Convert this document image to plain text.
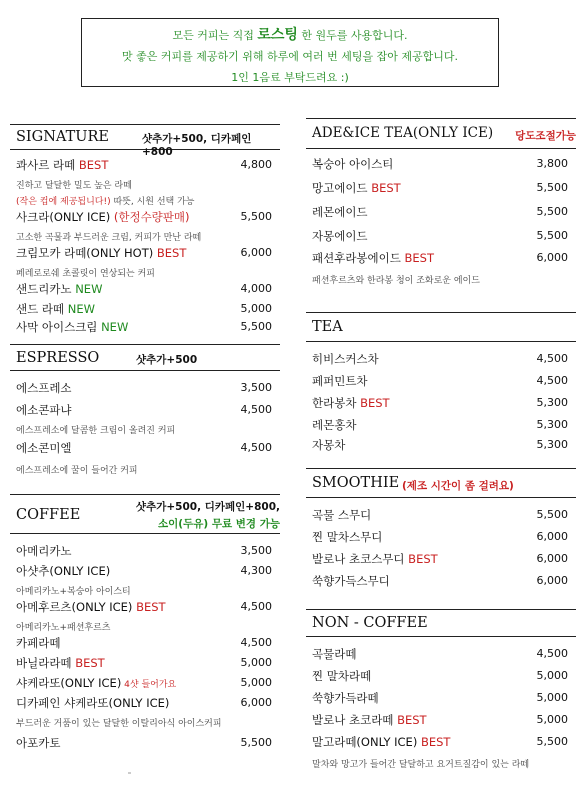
모든 커피는 직접 로스팅 한 원두를 사용합니다.
맛 좋은 커피를 제공하기 위해 하루에 여러 번 세팅을 잡아 제공합니다.
1인 1음료 부탁드려요 :)
SIGNATURE	샷추가+500, 디카페인+800
콰사르 라떼 BEST	4,800
진하고 달달한 밀도 높은 라떼
(작은 컵에 제공됩니다!) 따뜻, 시원 선택 가능
사크라(ONLY ICE) (한정수량판매)	5,500
고소한 곡물과 부드러운 크림, 커피가 만난 라떼
크림모카 라떼(ONLY HOT) BEST	6,000
페레로로쉐 초콜릿이 연상되는 커피
샌드리카노 NEW	4,000
샌드 라떼 NEW	5,000
사막 아이스크림 NEW	5,500
ESPRESSO	샷추가+500
에스프레소	3,500
에소콘파냐	4,500
에스프레소에 달콤한 크림이 올려진 커피
에소콘미엘	4,500
에스프레소에 꿀이 들어간 커피
COFFEE	샷추가+500, 디카페인+800,
소이(두유) 무료 변경 가능
아메리카노	3,500
아샷추(ONLY ICE)	4,300
아메리카노+복숭아 아이스티
아메후르츠(ONLY ICE) BEST	4,500
아메리카노+패션후르츠
카페라떼	4,500
바닐라라떼 BEST	5,000
샤케라또(ONLY ICE) 4샷 들어가요	5,000
디카페인 샤케라또(ONLY ICE)	6,000
부드러운 거품이 있는 달달한 이탈리아식 아이스커피
아포카토	5,500
ADE&ICE TEA(ONLY ICE) 당도조절가능
복숭아 아이스티	3,800
망고에이드 BEST	5,500
레몬에이드	5,500
자몽에이드	5,500
패션후라봉에이드 BEST	6,000
패션후르츠와 한라봉 청이 조화로운 에이드
TEA
히비스커스차	4,500
페퍼민트차	4,500
한라봉차 BEST	5,300
레몬홍차	5,300
자몽차	5,300
SMOOTHIE (제조 시간이 좀 걸려요)
곡물 스무디	5,500
찐 말차스무디	6,000
발로나 초코스무디 BEST	6,000
쑥향가득스무디	6,000
NON - COFFEE
곡물라떼	4,500
찐 말차라떼	5,000
쑥향가득라떼	5,000
발로나 초코라떼 BEST	5,000
말고라떼(ONLY ICE) BEST	5,500
말차와 망고가 들어간 달달하고 요거트질감이 있는 라떼
